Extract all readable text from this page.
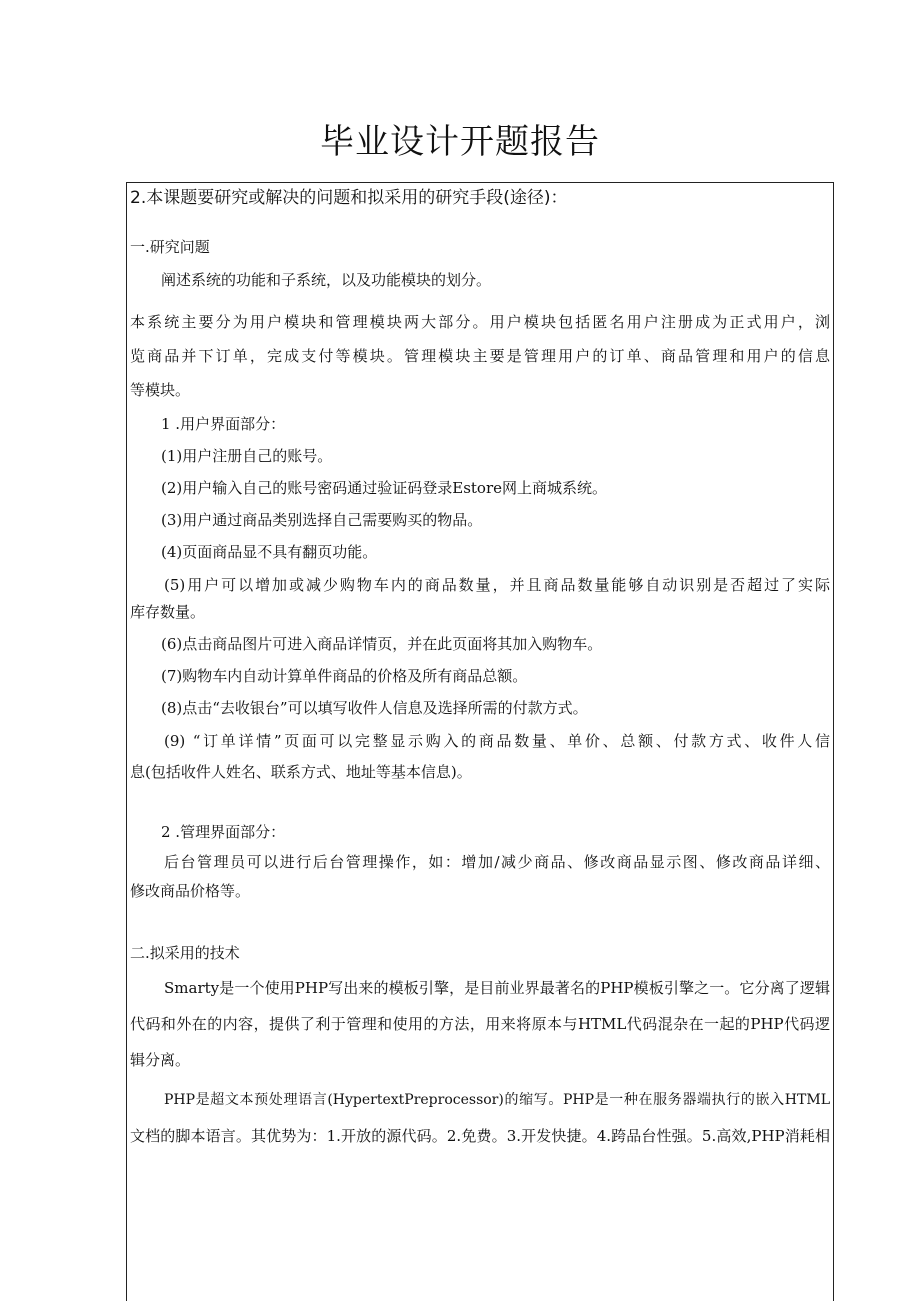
毕业设计开题报告
2.本课题要研究或解决的问题和拟采用的研究手段(途径)：
一.研究问题
阐述系统的功能和子系统，以及功能模块的划分。
本系统主要分为用户模块和管理模块两大部分。用户模块包括匿名用户注册成为正式用户，浏
览商品并下订单，完成支付等模块。管理模块主要是管理用户的订单、商品管理和用户的信息
等模块。
1 .用户界面部分：
(1)用户注册自己的账号。
(2)用户输入自己的账号密码通过验证码登录Estore网上商城系统。
(3)用户通过商品类别选择自己需要购买的物品。
(4)页面商品显不具有翻页功能。
(5)用户可以增加或减少购物车内的商品数量，并且商品数量能够自动识别是否超过了实际
库存数量。
(6)点击商品图片可进入商品详情页，并在此页面将其加入购物车。
(7)购物车内自动计算单件商品的价格及所有商品总额。
(8)点击“去收银台”可以填写收件人信息及选择所需的付款方式。
(9) “订单详情”页面可以完整显示购入的商品数量、单价、总额、付款方式、收件人信
息(包括收件人姓名、联系方式、地址等基本信息)。
2 .管理界面部分：
后台管理员可以进行后台管理操作，如：增加/减少商品、修改商品显示图、修改商品详细、
修改商品价格等。
二.拟采用的技术
Smarty是一个使用PHP写出来的模板引擎，是目前业界最著名的PHP模板引擎之一。它分离了逻辑
代码和外在的内容，提供了利于管理和使用的方法，用来将原本与HTML代码混杂在一起的PHP代码逻
辑分离。
PHP是超文本预处理语言(HypertextPreprocessor)的缩写。PHP是一种在服务器端执行的嵌入HTML
文档的脚本语言。其优势为：1.开放的源代码。2.免费。3.开发快捷。4.跨品台性强。5.高效,PHP消耗相
